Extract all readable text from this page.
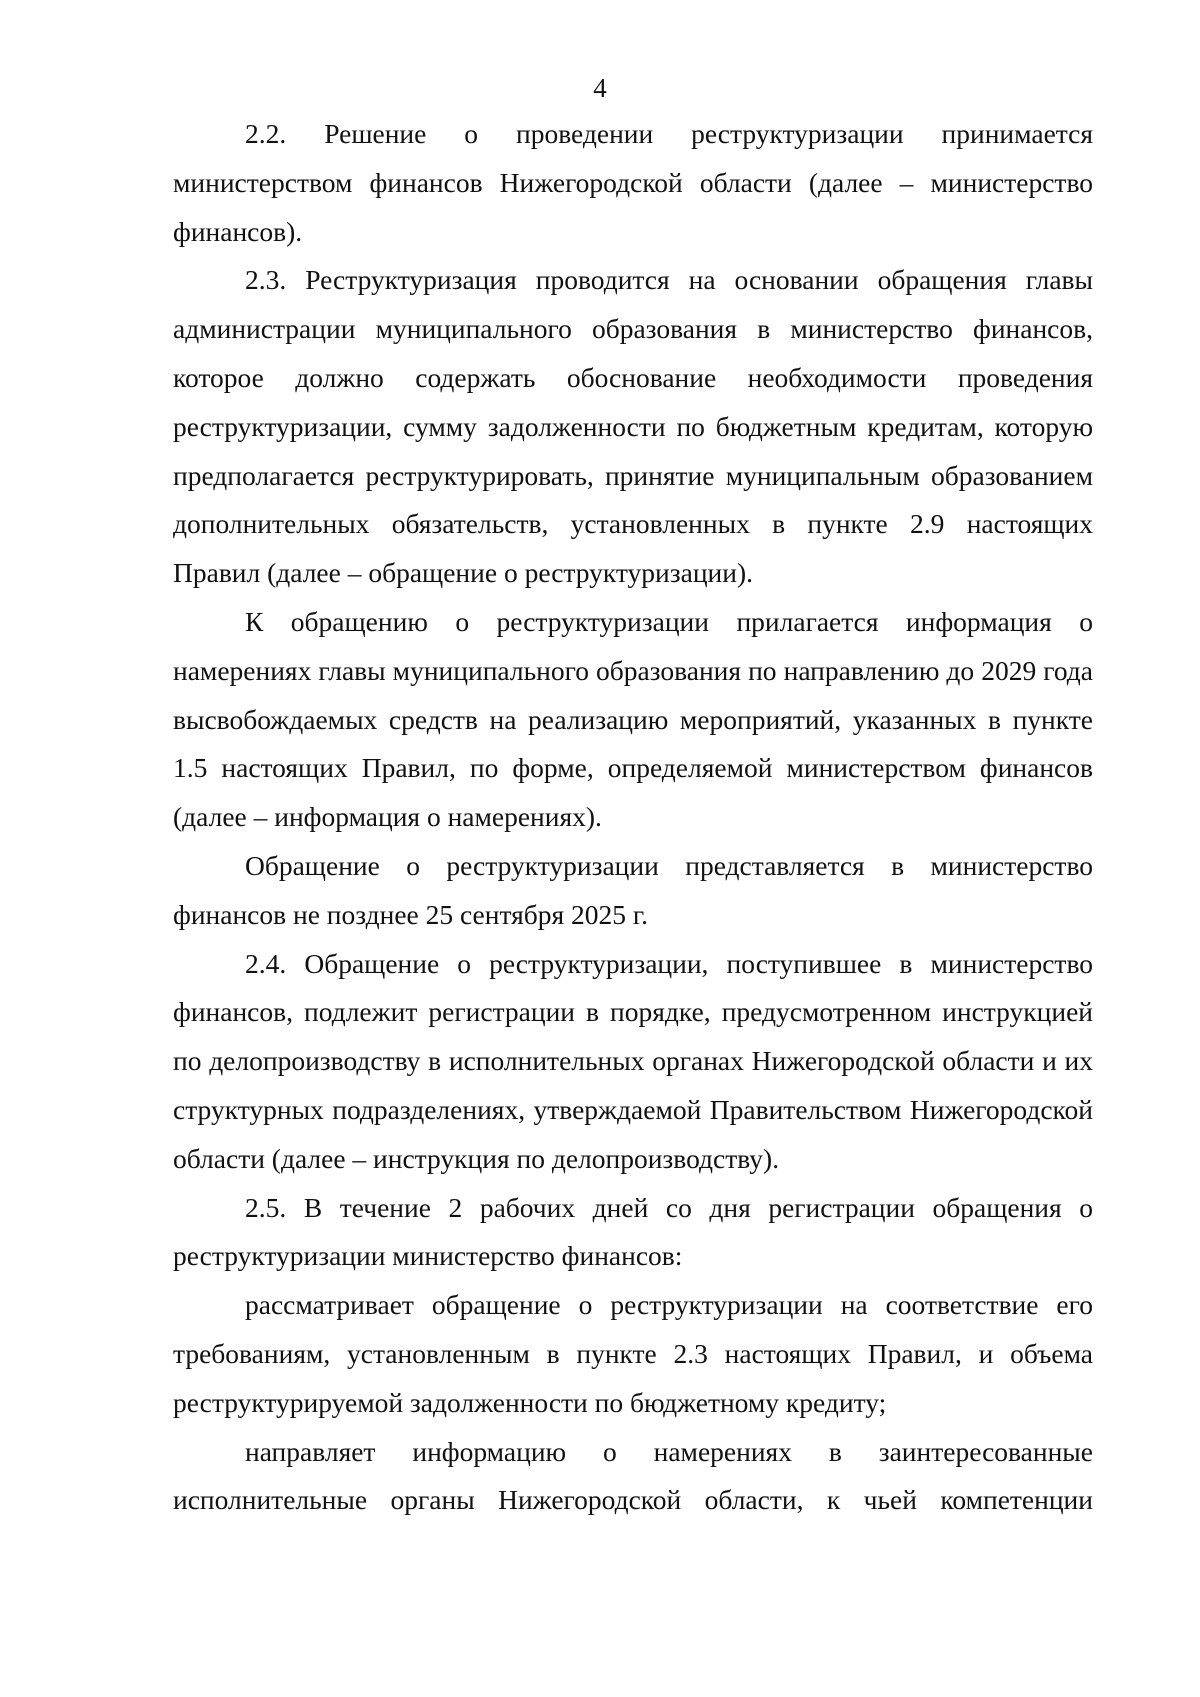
4

2.2. Решение о проведении реструктуризации принимается министерством финансов Нижегородской области (далее – министерство финансов).

2.3. Реструктуризация проводится на основании обращения главы администрации муниципального образования в министерство финансов, которое должно содержать обоснование необходимости проведения реструктуризации, сумму задолженности по бюджетным кредитам, которую предполагается реструктурировать, принятие муниципальным образованием дополнительных обязательств, установленных в пункте 2.9 настоящих Правил (далее – обращение о реструктуризации).

К обращению о реструктуризации прилагается информация о намерениях главы муниципального образования по направлению до 2029 года высвобождаемых средств на реализацию мероприятий, указанных в пункте 1.5 настоящих Правил, по форме, определяемой министерством финансов (далее – информация о намерениях).

Обращение о реструктуризации представляется в министерство финансов не позднее 25 сентября 2025 г.

2.4. Обращение о реструктуризации, поступившее в министерство финансов, подлежит регистрации в порядке, предусмотренном инструкцией по делопроизводству в исполнительных органах Нижегородской области и их структурных подразделениях, утверждаемой Правительством Нижегородской области (далее – инструкция по делопроизводству).

2.5. В течение 2 рабочих дней со дня регистрации обращения о реструктуризации министерство финансов:

рассматривает обращение о реструктуризации на соответствие его требованиям, установленным в пункте 2.3 настоящих Правил, и объема реструктурируемой задолженности по бюджетному кредиту;

направляет информацию о намерениях в заинтересованные исполнительные органы Нижегородской области, к чьей компетенции
